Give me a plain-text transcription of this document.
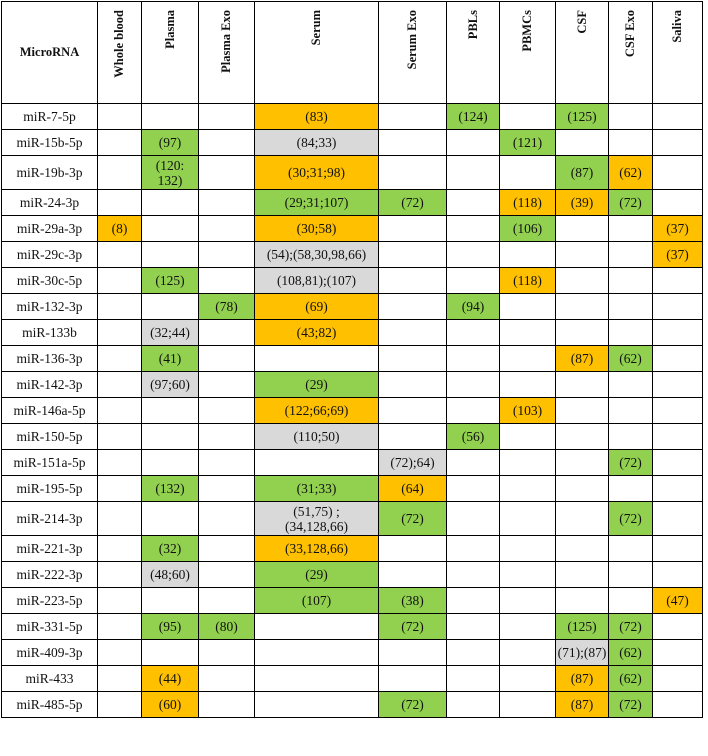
MicroRNA	Whole blood	Plasma	Plasma Exo	Serum	Serum Exo	PBLs	PBMCs	CSF	CSF Exo	Saliva
miR-7-5p				(83)		(124)		(125)		
miR-15b-5p		(97)		(84;33)			(121)			
miR-19b-3p		(120:
132)		(30;31;98)				(87)	(62)	
miR-24-3p				(29;31;107)	(72)		(118)	(39)	(72)	
miR-29a-3p	(8)			(30;58)			(106)			(37)
miR-29c-3p				(54);(58,30,98,66)						(37)
miR-30c-5p		(125)		(108,81);(107)			(118)			
miR-132-3p			(78)	(69)		(94)				
miR-133b		(32;44)		(43;82)						
miR-136-3p		(41)						(87)	(62)	
miR-142-3p		(97;60)		(29)						
miR-146a-5p				(122;66;69)			(103)			
miR-150-5p				(110;50)		(56)				
miR-151a-5p					(72);64)				(72)	
miR-195-5p		(132)		(31;33)	(64)					
miR-214-3p				(51,75) ;
(34,128,66)	(72)				(72)	
miR-221-3p		(32)		(33,128,66)						
miR-222-3p		(48;60)		(29)						
miR-223-5p				(107)	(38)					(47)
miR-331-5p		(95)	(80)		(72)			(125)	(72)	
miR-409-3p								(71);(87)	(62)	
miR-433		(44)						(87)	(62)	
miR-485-5p		(60)			(72)			(87)	(72)	
